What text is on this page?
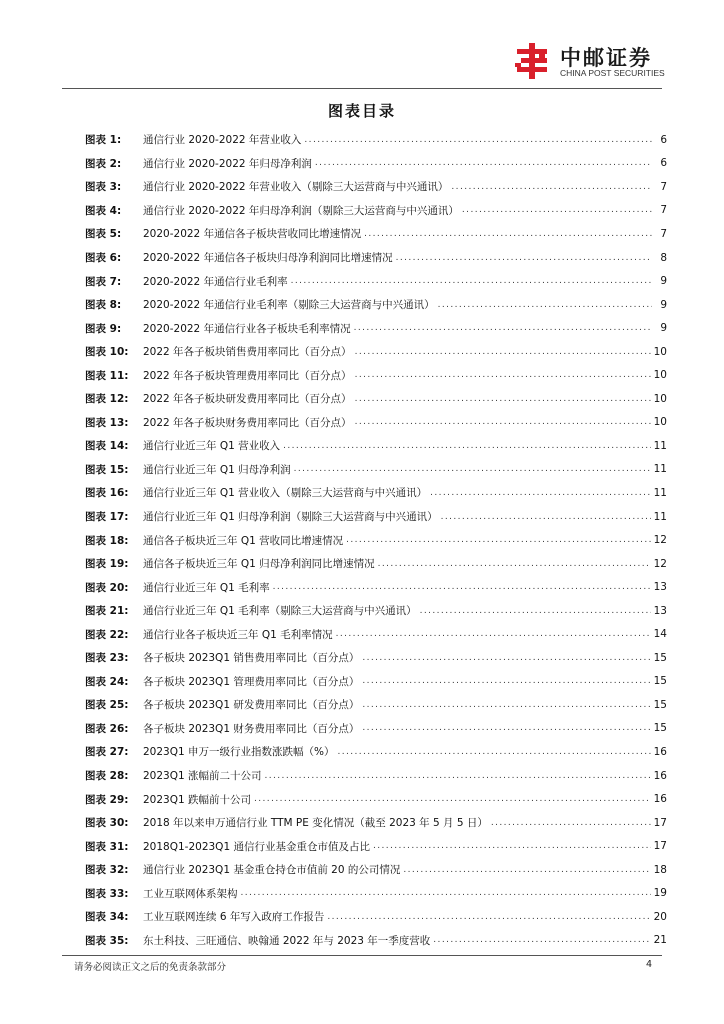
中邮证券
CHINA POST SECURITIES
图表目录
图表 1:	通信行业 2020-2022 年营业收入 .....	6
图表 2:	通信行业 2020-2022 年归母净利润 .....	6
图表 3:	通信行业 2020-2022 年营业收入（剔除三大运营商与中兴通讯） .....	7
图表 4:	通信行业 2020-2022 年归母净利润（剔除三大运营商与中兴通讯） .....	7
图表 5:	2020-2022 年通信各子板块营收同比增速情况 .....	7
图表 6:	2020-2022 年通信各子板块归母净利润同比增速情况 .....	8
图表 7:	2020-2022 年通信行业毛利率 .....	9
图表 8:	2020-2022 年通信行业毛利率（剔除三大运营商与中兴通讯） .....	9
图表 9:	2020-2022 年通信行业各子板块毛利率情况 .....	9
图表 10:	2022 年各子板块销售费用率同比（百分点） .....	10
图表 11:	2022 年各子板块管理费用率同比（百分点） .....	10
图表 12:	2022 年各子板块研发费用率同比（百分点） .....	10
图表 13:	2022 年各子板块财务费用率同比（百分点） .....	10
图表 14:	通信行业近三年 Q1 营业收入 .....	11
图表 15:	通信行业近三年 Q1 归母净利润 .....	11
图表 16:	通信行业近三年 Q1 营业收入（剔除三大运营商与中兴通讯） .....	11
图表 17:	通信行业近三年 Q1 归母净利润（剔除三大运营商与中兴通讯） .....	11
图表 18:	通信各子板块近三年 Q1 营收同比增速情况 .....	12
图表 19:	通信各子板块近三年 Q1 归母净利润同比增速情况 .....	12
图表 20:	通信行业近三年 Q1 毛利率 .....	13
图表 21:	通信行业近三年 Q1 毛利率（剔除三大运营商与中兴通讯） .....	13
图表 22:	通信行业各子板块近三年 Q1 毛利率情况 .....	14
图表 23:	各子板块 2023Q1 销售费用率同比（百分点） .....	15
图表 24:	各子板块 2023Q1 管理费用率同比（百分点） .....	15
图表 25:	各子板块 2023Q1 研发费用率同比（百分点） .....	15
图表 26:	各子板块 2023Q1 财务费用率同比（百分点） .....	15
图表 27:	2023Q1 申万一级行业指数涨跌幅（%） .....	16
图表 28:	2023Q1 涨幅前二十公司 .....	16
图表 29:	2023Q1 跌幅前十公司 .....	16
图表 30:	2018 年以来申万通信行业 TTM PE 变化情况（截至 2023 年 5 月 5 日） .....	17
图表 31:	2018Q1-2023Q1 通信行业基金重仓市值及占比 .....	17
图表 32:	通信行业 2023Q1 基金重仓持仓市值前 20 的公司情况 .....	18
图表 33:	工业互联网体系架构 .....	19
图表 34:	工业互联网连续 6 年写入政府工作报告 .....	20
图表 35:	东土科技、三旺通信、映翰通 2022 年与 2023 年一季度营收 .....	21
请务必阅读正文之后的免责条款部分	4
